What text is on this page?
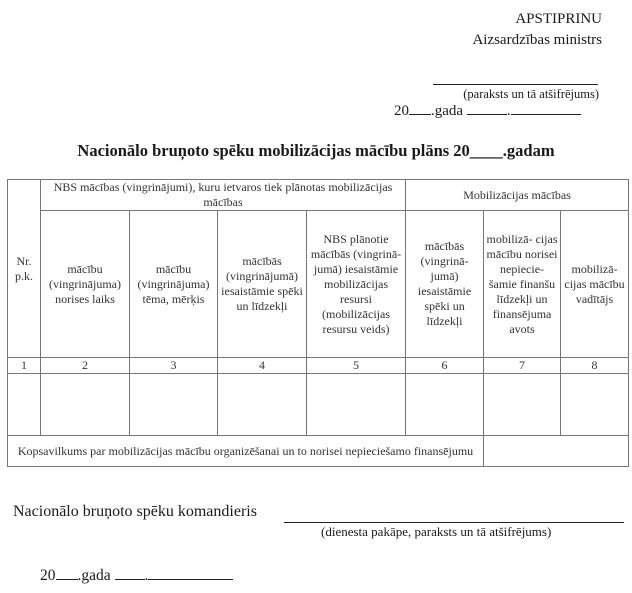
APSTIPRINU
Aizsardzības ministrs
(paraksts un tā atšifrējums)
20 .gada	.
Nacionālo bruņoto spēku mobilizācijas mācību plāns 20____.gadam
Nr. p.k.	NBS mācības (vingrinājumi), kuru ietvaros tiek plānotas mobilizācijas mācības				Mobilizācijas mācības		
	mācību (vingrinājuma) norises laiks	mācību (vingrinājuma) tēma, mērķis	mācībās (vingrinājumā) iesaistāmie spēki un līdzekļi	NBS plānotie mācībās (vingrinā- jumā) iesaistāmie mobilizācijas resursi (mobilizācijas resursu veids)	mācībās (vingrinā- jumā) iesaistāmie spēki un līdzekļi	mobilizā- cijas mācību norisei nepiecie- šamie finanšu līdzekļi un finansējuma avots	mobilizā- cijas mācību vadītājs
1	2	3	4	5	6	7	8

Kopsavilkums par mobilizācijas mācību organizēšanai un to norisei nepieciešamo finansējumu							
Nacionālo bruņoto spēku komandieris
(dienesta pakāpe, paraksts un tā atšifrējums)
20 .gada .
